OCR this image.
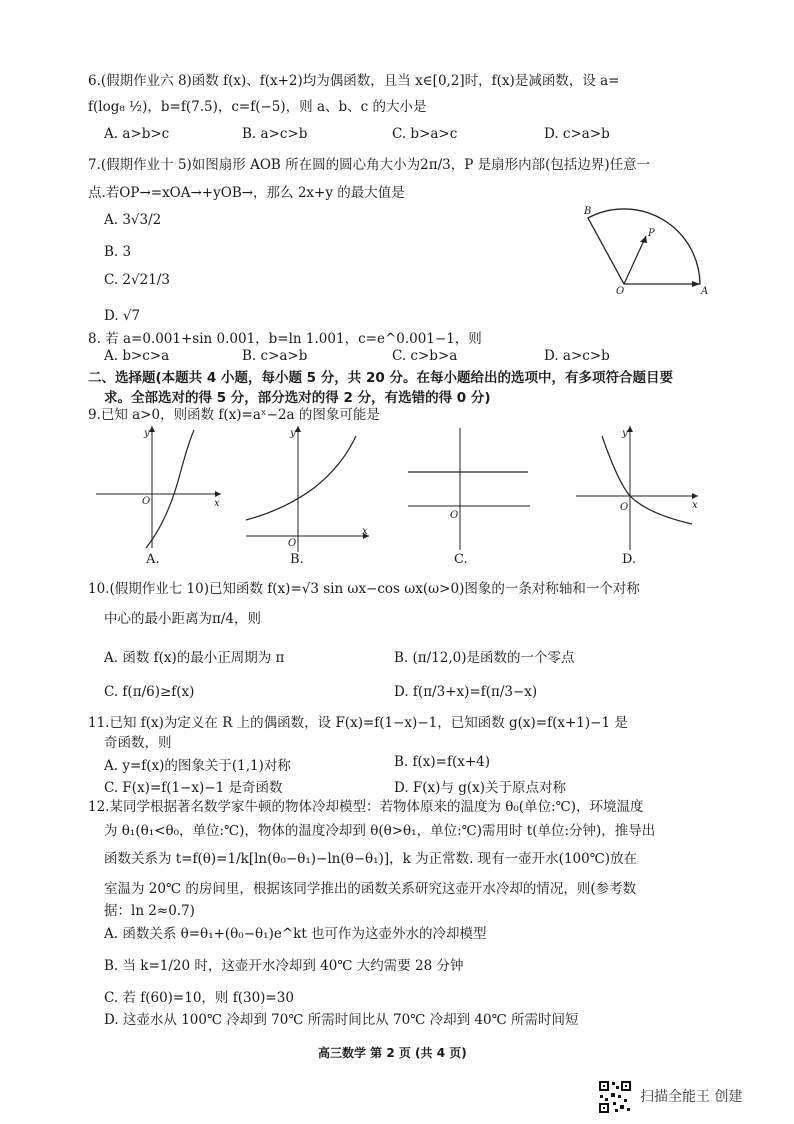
6.(假期作业六 8)函数 f(x)、f(x+2)均为偶函数，且当 x∈[0,2]时，f(x)是减函数，设 a=
f(log₈ ½)，b=f(7.5)，c=f(−5)，则 a、b、c 的大小是
A. a>b>c	B. a>c>b	C. b>a>c	D. c>a>b
7.(假期作业十 5)如图扇形 AOB 所在圆的圆心角大小为2π/3，P 是扇形内部(包括边界)任意一
点.若OP→=xOA→+yOB→，那么 2x+y 的最大值是
A. 3√3/2
B. 3
C. 2√21/3
D. √7
B
P
O	A
8. 若 a=0.001+sin 0.001，b=ln 1.001，c=e^0.001−1，则
A. b>c>a	B. c>a>b	C. c>b>a	D. a>c>b
二、选择题(本题共 4 小题，每小题 5 分，共 20 分。在每小题给出的选项中，有多项符合题目要
求。全部选对的得 5 分，部分选对的得 2 分，有选错的得 0 分)
9.已知 a>0，则函数 f(x)=aˣ−2a 的图象可能是
y
x
O
A.
y
x
O
B.
O
C.
y
x
O
D.
10.(假期作业七 10)已知函数 f(x)=√3 sin ωx−cos ωx(ω>0)图象的一条对称轴和一个对称
中心的最小距离为π/4，则
A. 函数 f(x)的最小正周期为 π	B. (π/12,0)是函数的一个零点
C. f(π/6)≥f(x)	D. f(π/3+x)=f(π/3−x)
11.已知 f(x)为定义在 R 上的偶函数，设 F(x)=f(1−x)−1，已知函数 g(x)=f(x+1)−1 是
奇函数，则
A. y=f(x)的图象关于(1,1)对称	B. f(x)=f(x+4)
C. F(x)=f(1−x)−1 是奇函数	D. F(x)与 g(x)关于原点对称
12.某同学根据著名数学家牛顿的物体冷却模型：若物体原来的温度为 θ₀(单位:℃)，环境温度
为 θ₁(θ₁<θ₀，单位:℃)，物体的温度冷却到 θ(θ>θ₁，单位:℃)需用时 t(单位:分钟)，推导出
函数关系为 t=f(θ)=1/k[ln(θ₀−θ₁)−ln(θ−θ₁)]，k 为正常数. 现有一壶开水(100℃)放在
室温为 20℃ 的房间里，根据该同学推出的函数关系研究这壶开水冷却的情况，则(参考数
据：ln 2≈0.7)
A. 函数关系 θ=θ₁+(θ₀−θ₁)e^kt 也可作为这壶外水的冷却模型
B. 当 k=1/20 时，这壶开水冷却到 40℃ 大约需要 28 分钟
C. 若 f(60)=10，则 f(30)=30
D. 这壶水从 100℃ 冷却到 70℃ 所需时间比从 70℃ 冷却到 40℃ 所需时间短
高三数学 第 2 页 (共 4 页)
扫描全能王 创建
